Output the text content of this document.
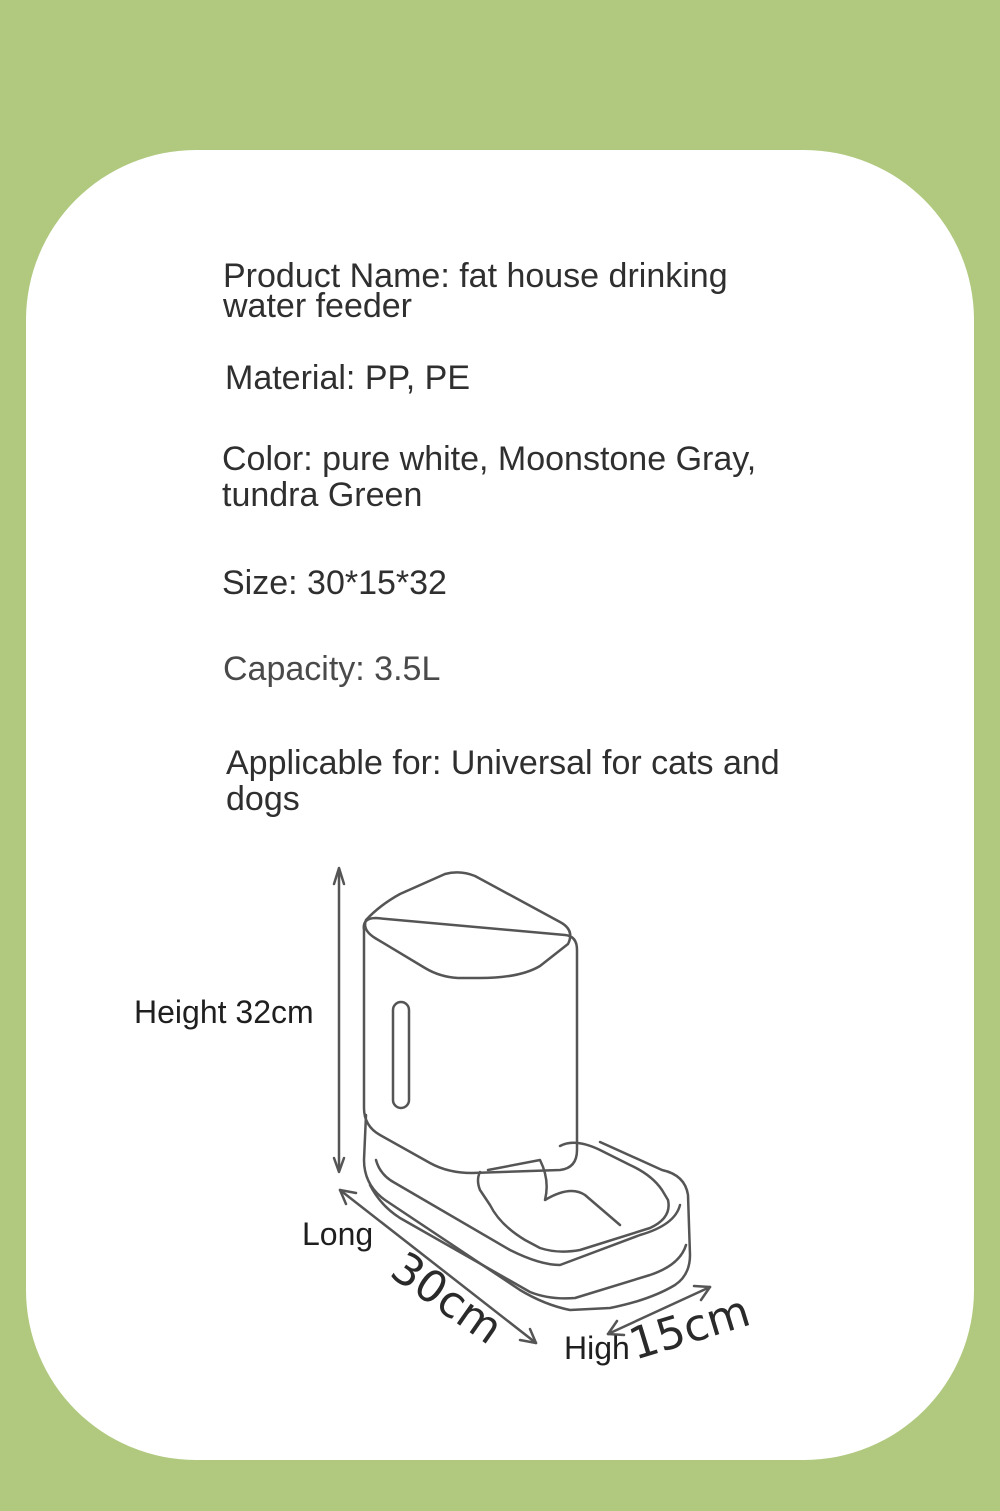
Product Name: fat house drinking

water feeder

Material: PP, PE

Color: pure white, Moonstone Gray,

tundra Green

Size: 30*15*32

Capacity: 3.5L

Applicable for: Universal for cats and

dogs

30cm	15cm
Height 32cm
Long
High
